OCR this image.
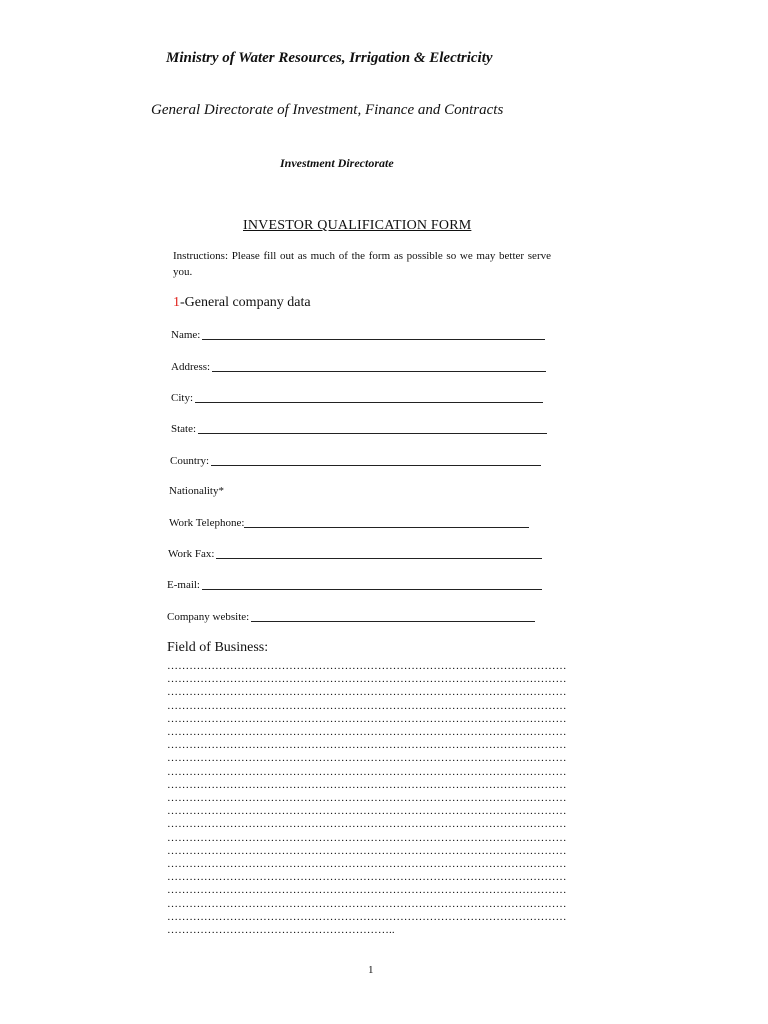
Ministry of Water Resources, Irrigation & Electricity
General Directorate of Investment, Finance and Contracts
Investment Directorate
INVESTOR QUALIFICATION FORM
Instructions: Please fill out as much of the form as possible so we may better serve you.
1-General company data
Name:
Address:
City:
State:
Country:
Nationality*
Work Telephone:
Work Fax:
E-mail:
Company website:
Field of Business:
………………………………………………………………………………………………
………………………………………………………………………………………………
………………………………………………………………………………………………
………………………………………………………………………………………………
………………………………………………………………………………………………
………………………………………………………………………………………………
………………………………………………………………………………………………
………………………………………………………………………………………………
………………………………………………………………………………………………
………………………………………………………………………………………………
………………………………………………………………………………………………
………………………………………………………………………………………………
………………………………………………………………………………………………
………………………………………………………………………………………………
………………………………………………………………………………………………
………………………………………………………………………………………………
………………………………………………………………………………………………
………………………………………………………………………………………………
………………………………………………………………………………………………
………………………………………………………………………………………………
……………………………………………………..
1
